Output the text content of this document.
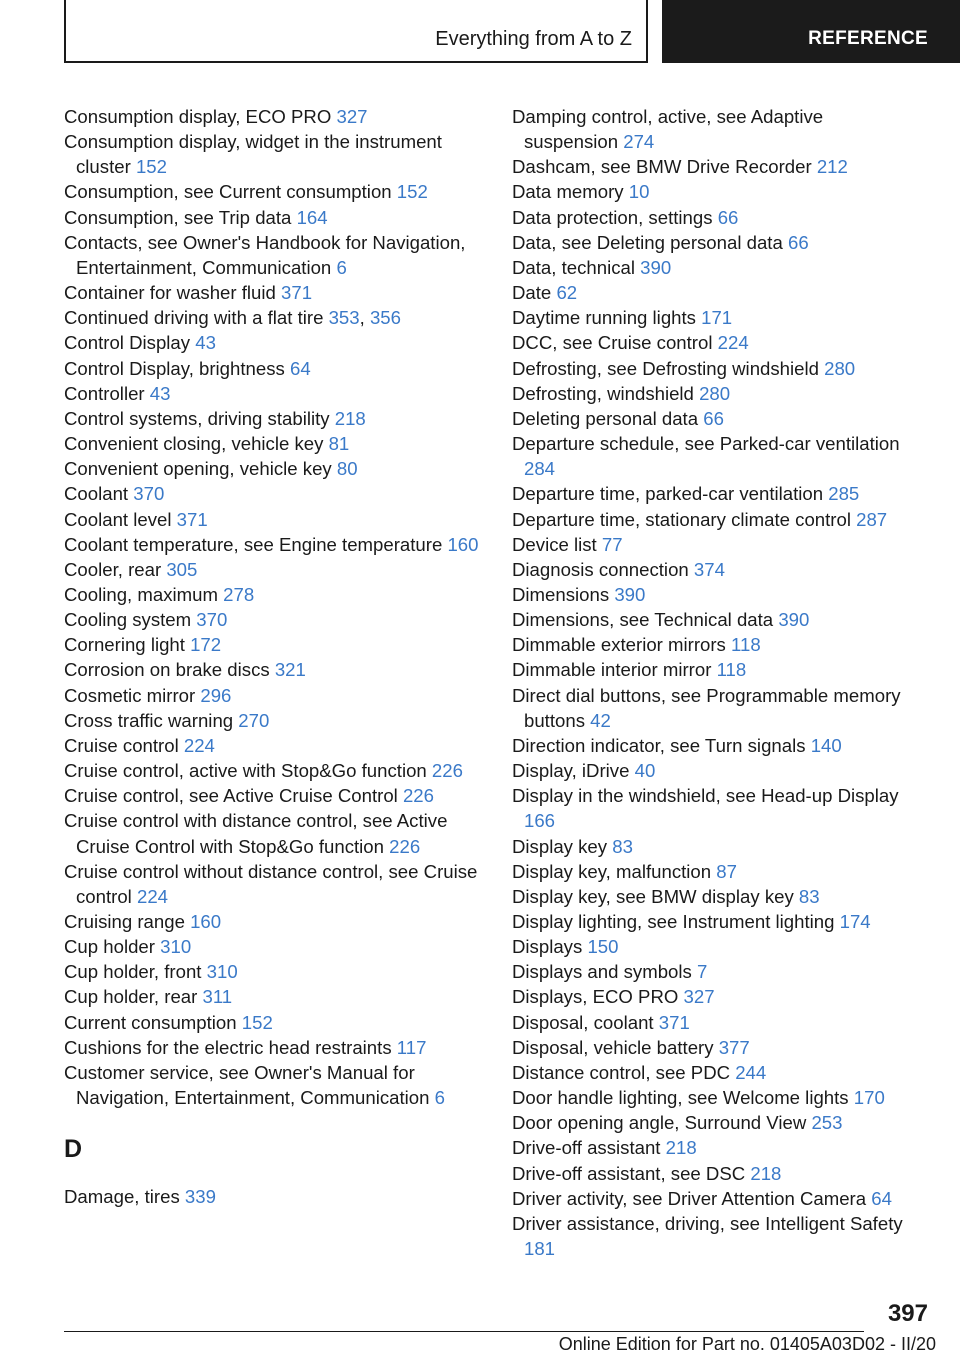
Everything from A to Z	REFERENCE
Consumption display, ECO PRO 327
Consumption display, widget in the instrument cluster 152
Consumption, see Current consumption 152
Consumption, see Trip data 164
Contacts, see Owner's Handbook for Navigation, Entertainment, Communication 6
Container for washer fluid 371
Continued driving with a flat tire 353, 356
Control Display 43
Control Display, brightness 64
Controller 43
Control systems, driving stability 218
Convenient closing, vehicle key 81
Convenient opening, vehicle key 80
Coolant 370
Coolant level 371
Coolant temperature, see Engine temperature 160
Cooler, rear 305
Cooling, maximum 278
Cooling system 370
Cornering light 172
Corrosion on brake discs 321
Cosmetic mirror 296
Cross traffic warning 270
Cruise control 224
Cruise control, active with Stop&Go function 226
Cruise control, see Active Cruise Control 226
Cruise control with distance control, see Active Cruise Control with Stop&Go function 226
Cruise control without distance control, see Cruise control 224
Cruising range 160
Cup holder 310
Cup holder, front 310
Cup holder, rear 311
Current consumption 152
Cushions for the electric head restraints 117
Customer service, see Owner's Manual for Navigation, Entertainment, Communication 6
D
Damage, tires 339
Damping control, active, see Adaptive suspension 274
Dashcam, see BMW Drive Recorder 212
Data memory 10
Data protection, settings 66
Data, see Deleting personal data 66
Data, technical 390
Date 62
Daytime running lights 171
DCC, see Cruise control 224
Defrosting, see Defrosting windshield 280
Defrosting, windshield 280
Deleting personal data 66
Departure schedule, see Parked-car ventilation 284
Departure time, parked-car ventilation 285
Departure time, stationary climate control 287
Device list 77
Diagnosis connection 374
Dimensions 390
Dimensions, see Technical data 390
Dimmable exterior mirrors 118
Dimmable interior mirror 118
Direct dial buttons, see Programmable memory buttons 42
Direction indicator, see Turn signals 140
Display, iDrive 40
Display in the windshield, see Head-up Display 166
Display key 83
Display key, malfunction 87
Display key, see BMW display key 83
Display lighting, see Instrument lighting 174
Displays 150
Displays and symbols 7
Displays, ECO PRO 327
Disposal, coolant 371
Disposal, vehicle battery 377
Distance control, see PDC 244
Door handle lighting, see Welcome lights 170
Door opening angle, Surround View 253
Drive-off assistant 218
Drive-off assistant, see DSC 218
Driver activity, see Driver Attention Camera 64
Driver assistance, driving, see Intelligent Safety 181
397
Online Edition for Part no. 01405A03D02 - II/20
